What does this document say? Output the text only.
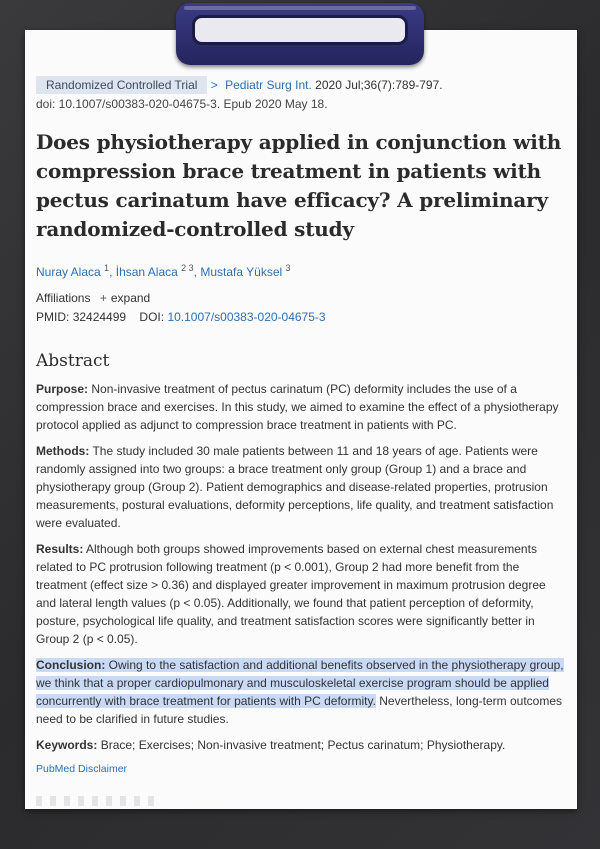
Randomized Controlled Trial > Pediatr Surg Int. 2020 Jul;36(7):789-797.
doi: 10.1007/s00383-020-04675-3. Epub 2020 May 18.
Does physiotherapy applied in conjunction with compression brace treatment in patients with pectus carinatum have efficacy? A preliminary randomized-controlled study
Nuray Alaca $^1$, İhsan Alaca $^{2 3}$, Mustafa Yüksel $^3$
Affiliations + expand
PMID: 32424499 DOI: 10.1007/s00383-020-04675-3
Abstract

Purpose: Non-invasive treatment of pectus carinatum (PC) deformity includes the use of a compression brace and exercises. In this study, we aimed to examine the effect of a physiotherapy protocol applied as adjunct to compression brace treatment in patients with PC.

Methods: The study included 30 male patients between 11 and 18 years of age. Patients were randomly assigned into two groups: a brace treatment only group (Group 1) and a brace and physiotherapy group (Group 2). Patient demographics and disease-related properties, protrusion measurements, postural evaluations, deformity perceptions, life quality, and treatment satisfaction were evaluated.

Results: Although both groups showed improvements based on external chest measurements related to PC protrusion following treatment (p < 0.001), Group 2 had more benefit from the treatment (effect size > 0.36) and displayed greater improvement in maximum protrusion degree and lateral length values (p < 0.05). Additionally, we found that patient perception of deformity, posture, psychological life quality, and treatment satisfaction scores were significantly better in Group 2 (p < 0.05).

Conclusion: Owing to the satisfaction and additional benefits observed in the physiotherapy group, we think that a proper cardiopulmonary and musculoskeletal exercise program should be applied concurrently with brace treatment for patients with PC deformity. Nevertheless, long-term outcomes need to be clarified in future studies.

Keywords: Brace; Exercises; Non-invasive treatment; Pectus carinatum; Physiotherapy.

PubMed Disclaimer
